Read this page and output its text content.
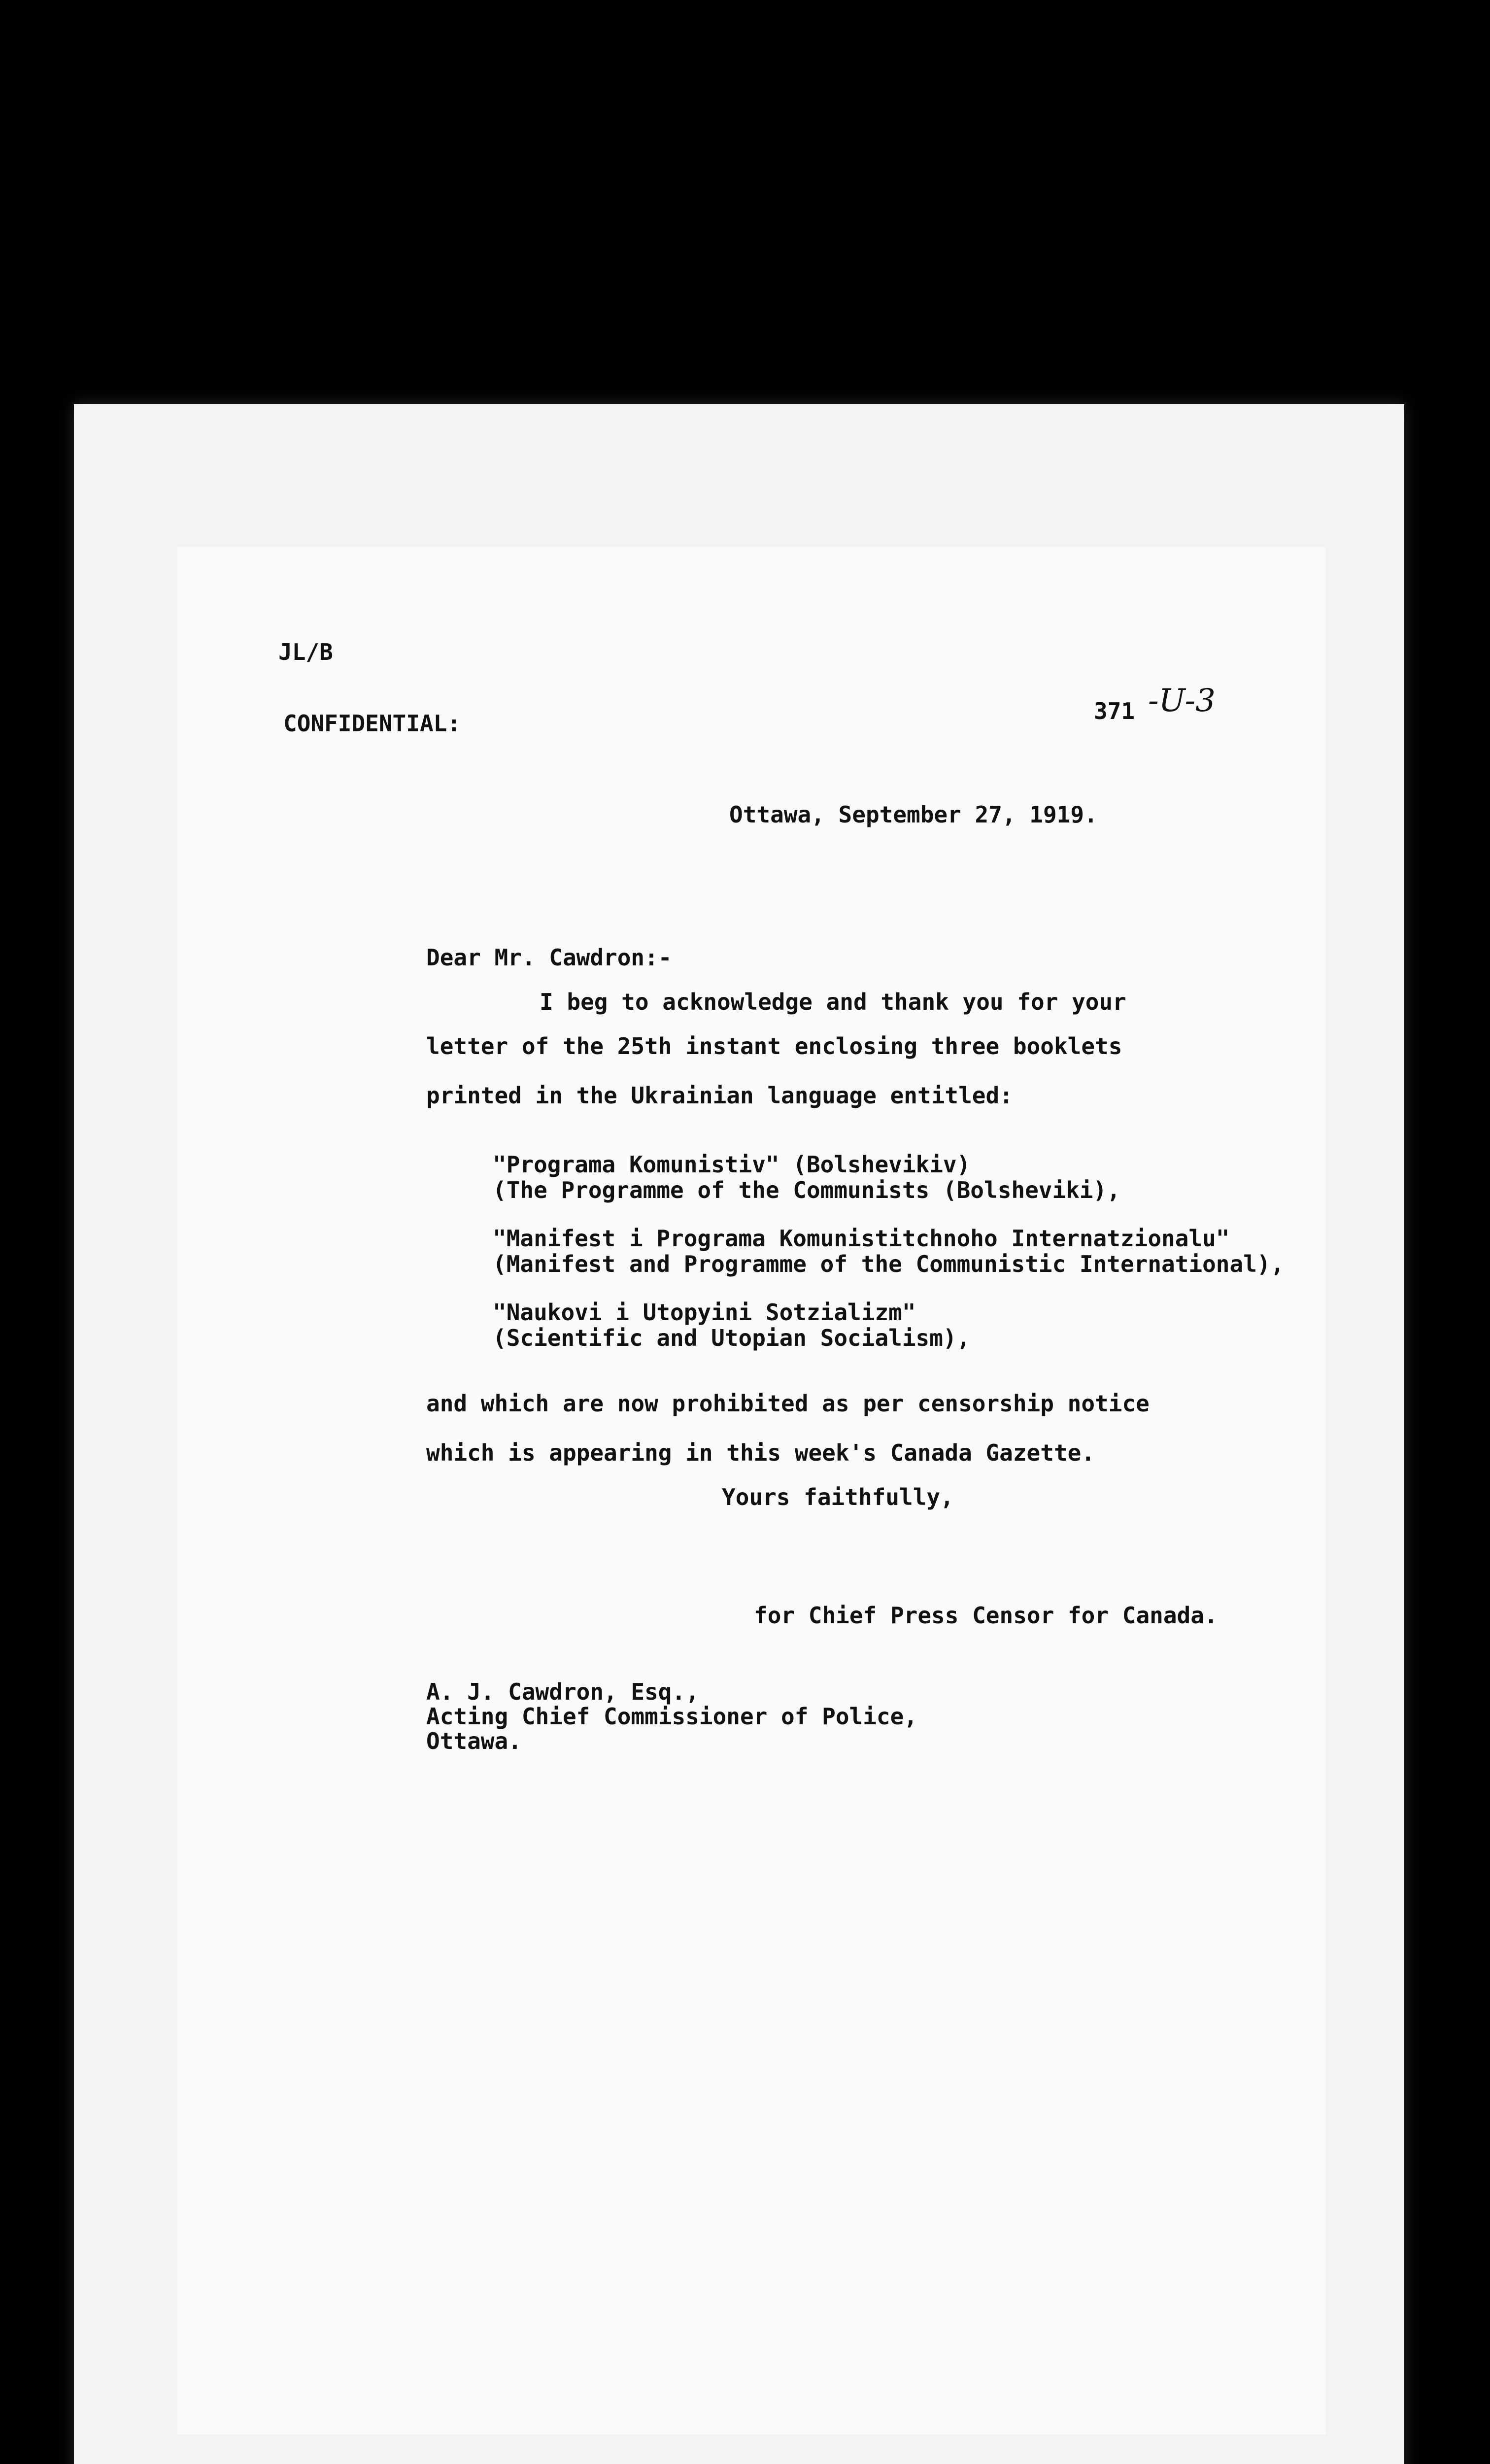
JL/B
CONFIDENTIAL:	371 -U-3
Ottawa, September 27, 1919.
Dear Mr. Cawdron:-
I beg to acknowledge and thank you for your
letter of the 25th instant enclosing three booklets
printed in the Ukrainian language entitled:
"Programa Komunistiv" (Bolshevikiv)
(The Programme of the Communists (Bolsheviki),
"Manifest i Programa Komunistitchnoho Internatzionalu"
(Manifest and Programme of the Communistic International),
"Naukovi i Utopyini Sotzializm"
(Scientific and Utopian Socialism),
and which are now prohibited as per censorship notice
which is appearing in this week's Canada Gazette.
Yours faithfully,
for Chief Press Censor for Canada.
A. J. Cawdron, Esq.,
Acting Chief Commissioner of Police,
Ottawa.
